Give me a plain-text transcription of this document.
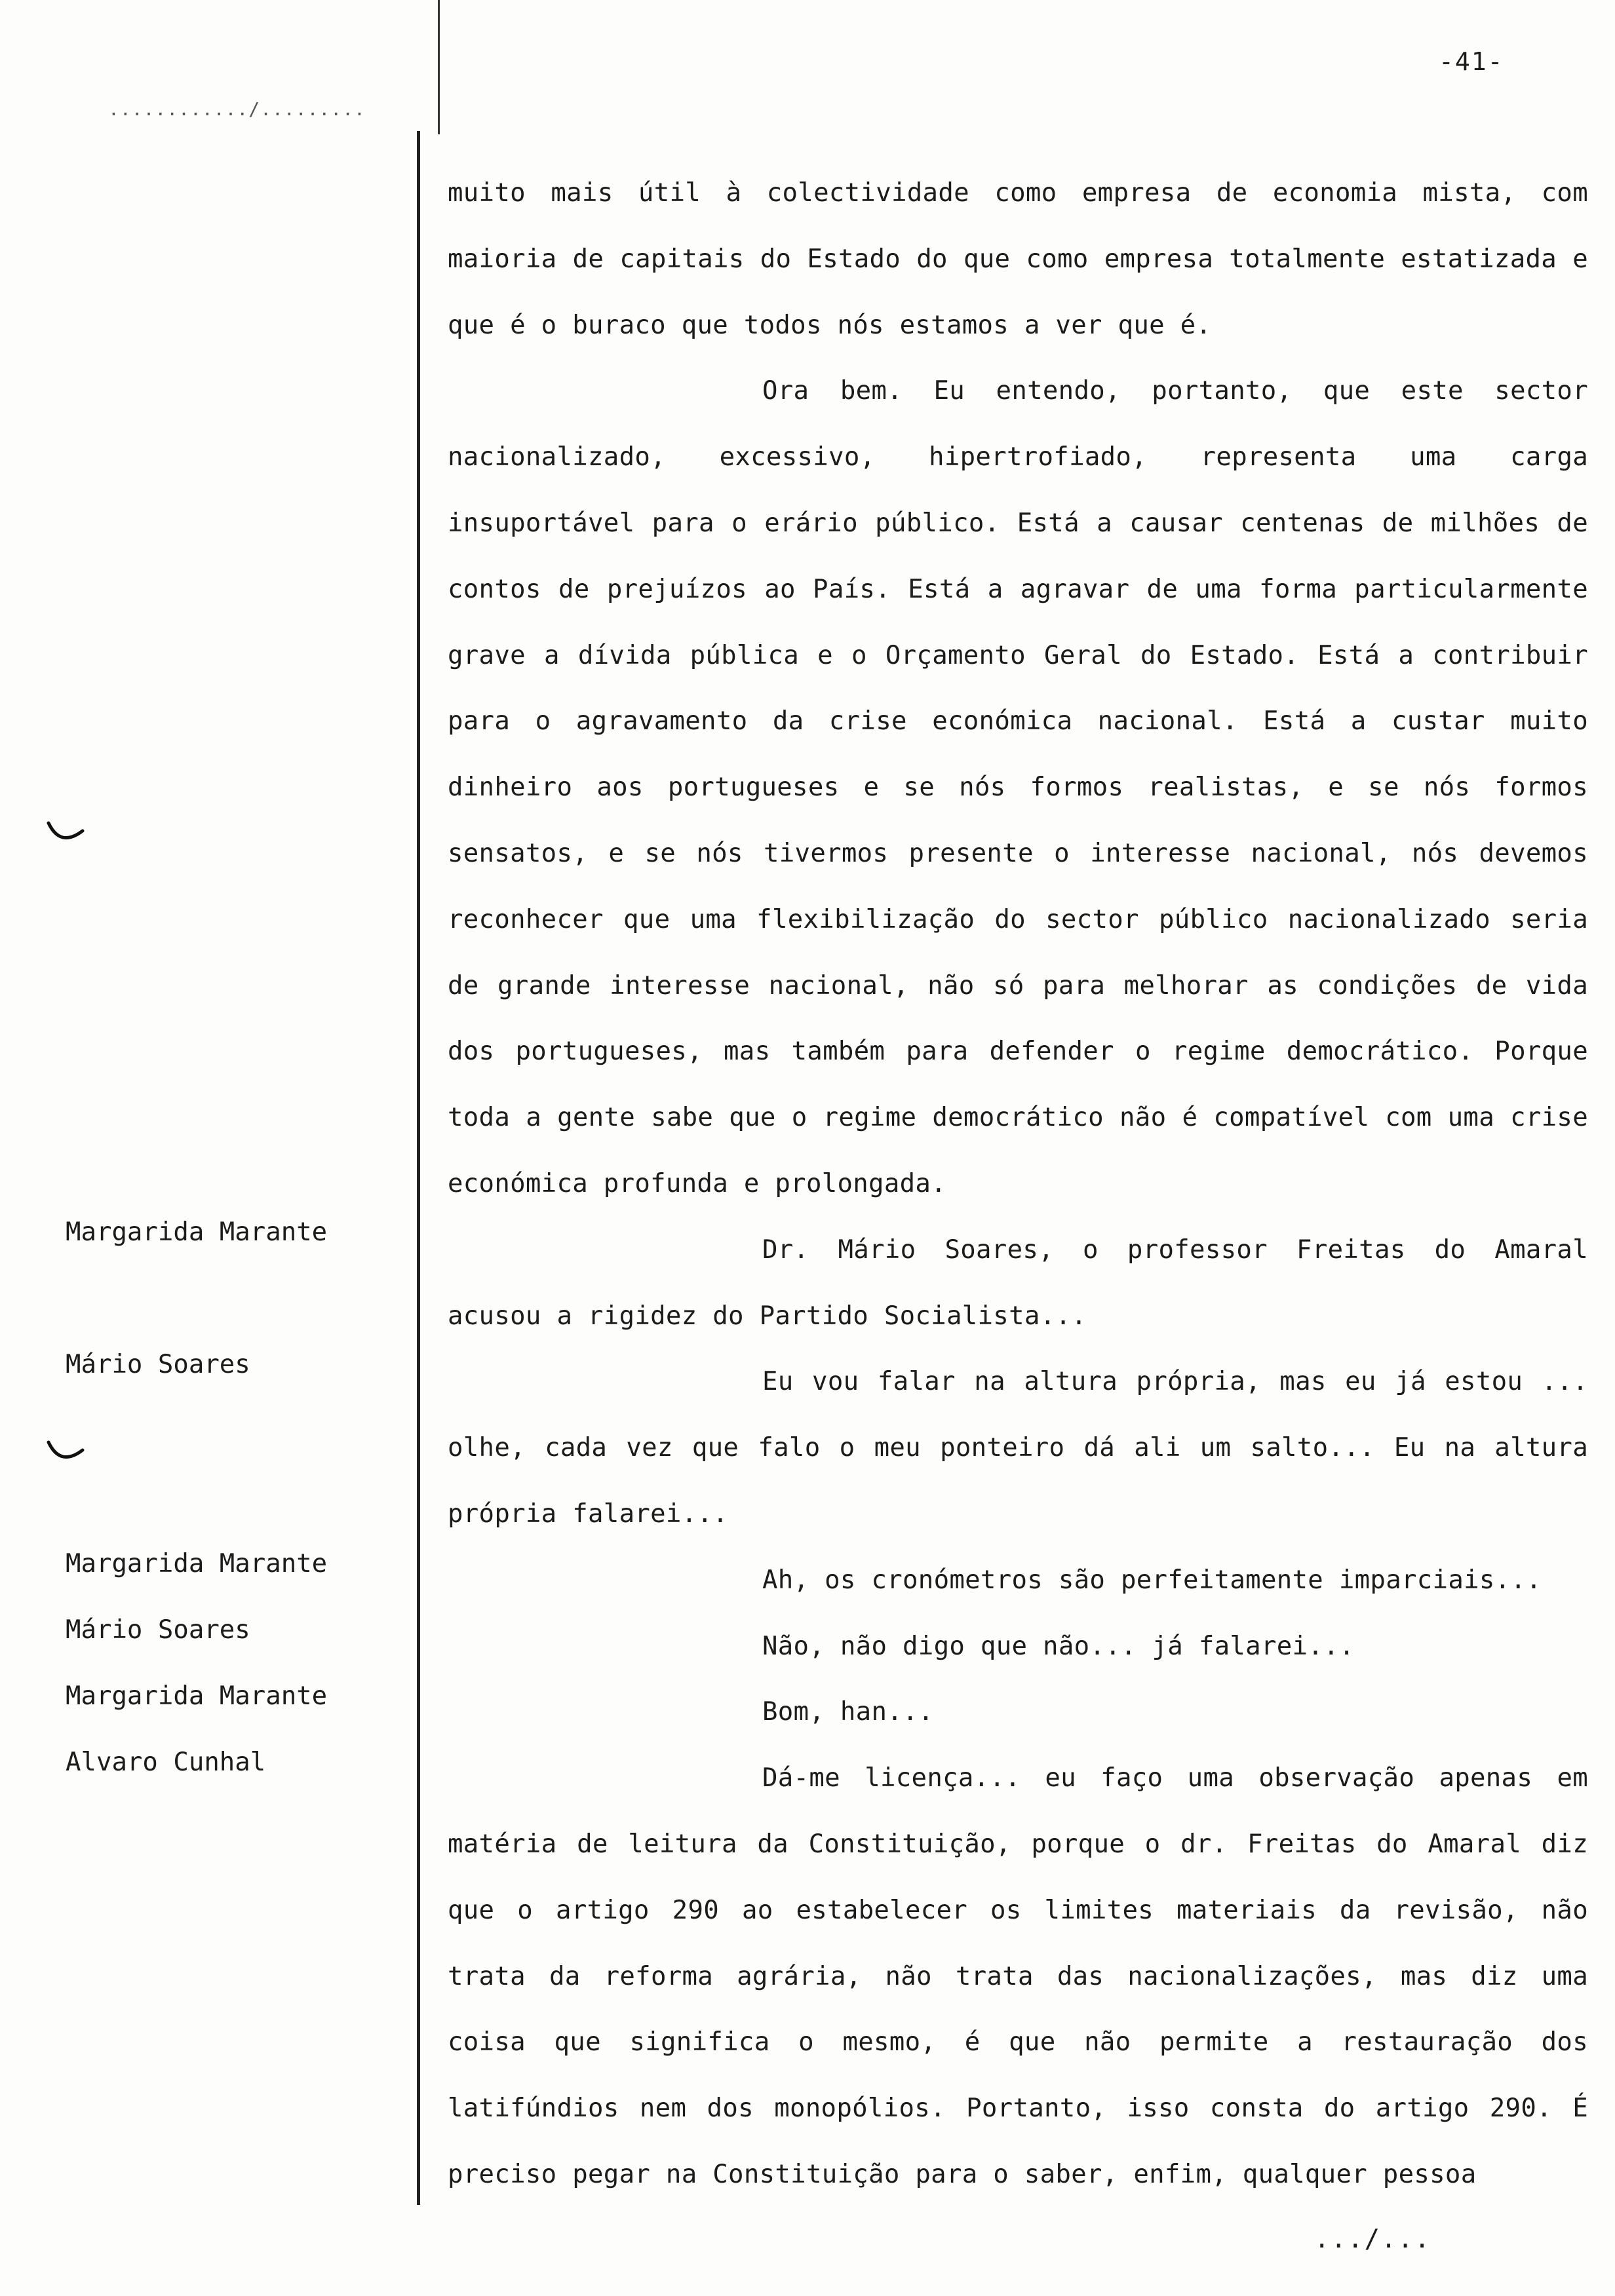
............/.........
-41-
Margarida Marante
Mário Soares
Margarida Marante
Mário Soares
Margarida Marante
Alvaro Cunhal

muito mais útil à colectividade como empresa de economia mista, com maioria de capitais do Estado do que como empresa totalmente estatizada e que é o buraco que todos nós estamos a ver que é.

Ora bem. Eu entendo, portanto, que este sector nacionalizado, excessivo, hipertrofiado, representa uma carga insuportável para o erário público. Está a causar centenas de milhões de contos de prejuízos ao País. Está a agravar de uma forma particularmente grave a dívida pública e o Orçamento Geral do Estado. Está a contribuir para o agravamento da crise económica nacional. Está a custar muito dinheiro aos portugueses e se nós formos realistas, e se nós formos sensatos, e se nós tivermos presente o interesse nacional, nós devemos reconhecer que uma flexibilização do sector público nacionalizado seria de grande interesse nacional, não só para melhorar as condições de vida dos portugueses, mas também para defender o regime democrático. Porque toda a gente sabe que o regime democrático não é compatível com uma crise económica profunda e prolongada.

Dr. Mário Soares, o professor Freitas do Amaral acusou a rigidez do Partido Socialista...

Eu vou falar na altura própria, mas eu já estou ... olhe, cada vez que falo o meu ponteiro dá ali um salto... Eu na altura própria falarei...

Ah, os cronómetros são perfeitamente imparciais...

Não, não digo que não... já falarei...

Bom, han...

Dá-me licença... eu faço uma observação apenas em matéria de leitura da Constituição, porque o dr. Freitas do Amaral diz que o artigo 290 ao estabelecer os limites materiais da revisão, não trata da reforma agrária, não trata das nacionalizações, mas diz uma coisa que significa o mesmo, é que não permite a restauração dos latifúndios nem dos monopólios. Portanto, isso consta do artigo 290. É preciso pegar na Constituição para o saber, enfim, qualquer pessoa

.../...
